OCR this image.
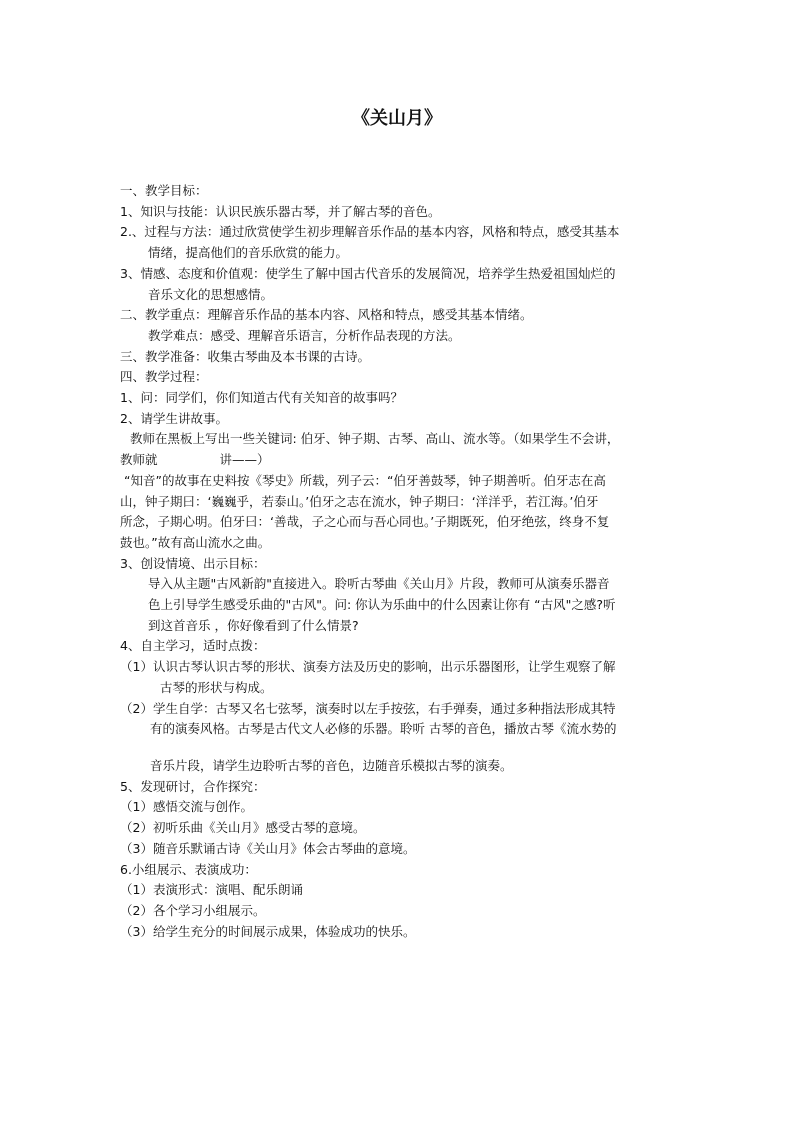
《关山月》
一、教学目标：
1、知识与技能：认识民族乐器古琴，并了解古琴的音色。
2.、过程与方法：通过欣赏使学生初步理解音乐作品的基本内容，风格和特点，感受其基本
情绪，提高他们的音乐欣赏的能力。
3、情感、态度和价值观：使学生了解中国古代音乐的发展简况，培养学生热爱祖国灿烂的
音乐文化的思想感情。
二、教学重点：理解音乐作品的基本内容、风格和特点，感受其基本情绪。
教学难点：感受、理解音乐语言，分析作品表现的方法。
三、教学准备：收集古琴曲及本书课的古诗。
四、教学过程：
1、问：同学们，你们知道古代有关知音的故事吗？
2、请学生讲故事。
教师在黑板上写出一些关键词: 伯牙、钟子期、古琴、高山、流水等。（如果学生不会讲，
教师就	讲——）
“知音”的故事在史料按《琴史》所载，列子云：“伯牙善鼓琴，钟子期善听。伯牙志在高
山，钟子期曰：‘巍巍乎，若泰山。’伯牙之志在流水，钟子期曰：‘洋洋乎，若江海。’伯牙
所念，子期心明。伯牙曰：‘善哉，子之心而与吾心同也。’子期既死，伯牙绝弦，终身不复
鼓也。”故有高山流水之曲。
3、创设情境、出示目标：
导入从主题"古风新韵"直接进入。聆听古琴曲《关山月》片段，教师可从演奏乐器音
色上引导学生感受乐曲的"古风"。问: 你认为乐曲中的什么因素让你有 “古风"之感?听
到这首音乐 ，你好像看到了什么情景?
4、自主学习，适时点拨：
（1）认识古琴认识古琴的形状、演奏方法及历史的影响，出示乐器图形，让学生观察了解
古琴的形状与构成。
（2）学生自学：古琴又名七弦琴，演奏时以左手按弦，右手弹奏，通过多种指法形成其特
有的演奏风格。古琴是古代文人必修的乐器。聆听 古琴的音色，播放古琴《流水势的
音乐片段，请学生边聆听古琴的音色，边随音乐模拟古琴的演奏。
5、发现研讨，合作探究：
（1）感悟交流与创作。
（2）初听乐曲《关山月》感受古琴的意境。
（3）随音乐默诵古诗《关山月》体会古琴曲的意境。
6.小组展示、表演成功：
（1）表演形式：演唱、配乐朗诵
（2）各个学习小组展示。
（3）给学生充分的时间展示成果，体验成功的快乐。
